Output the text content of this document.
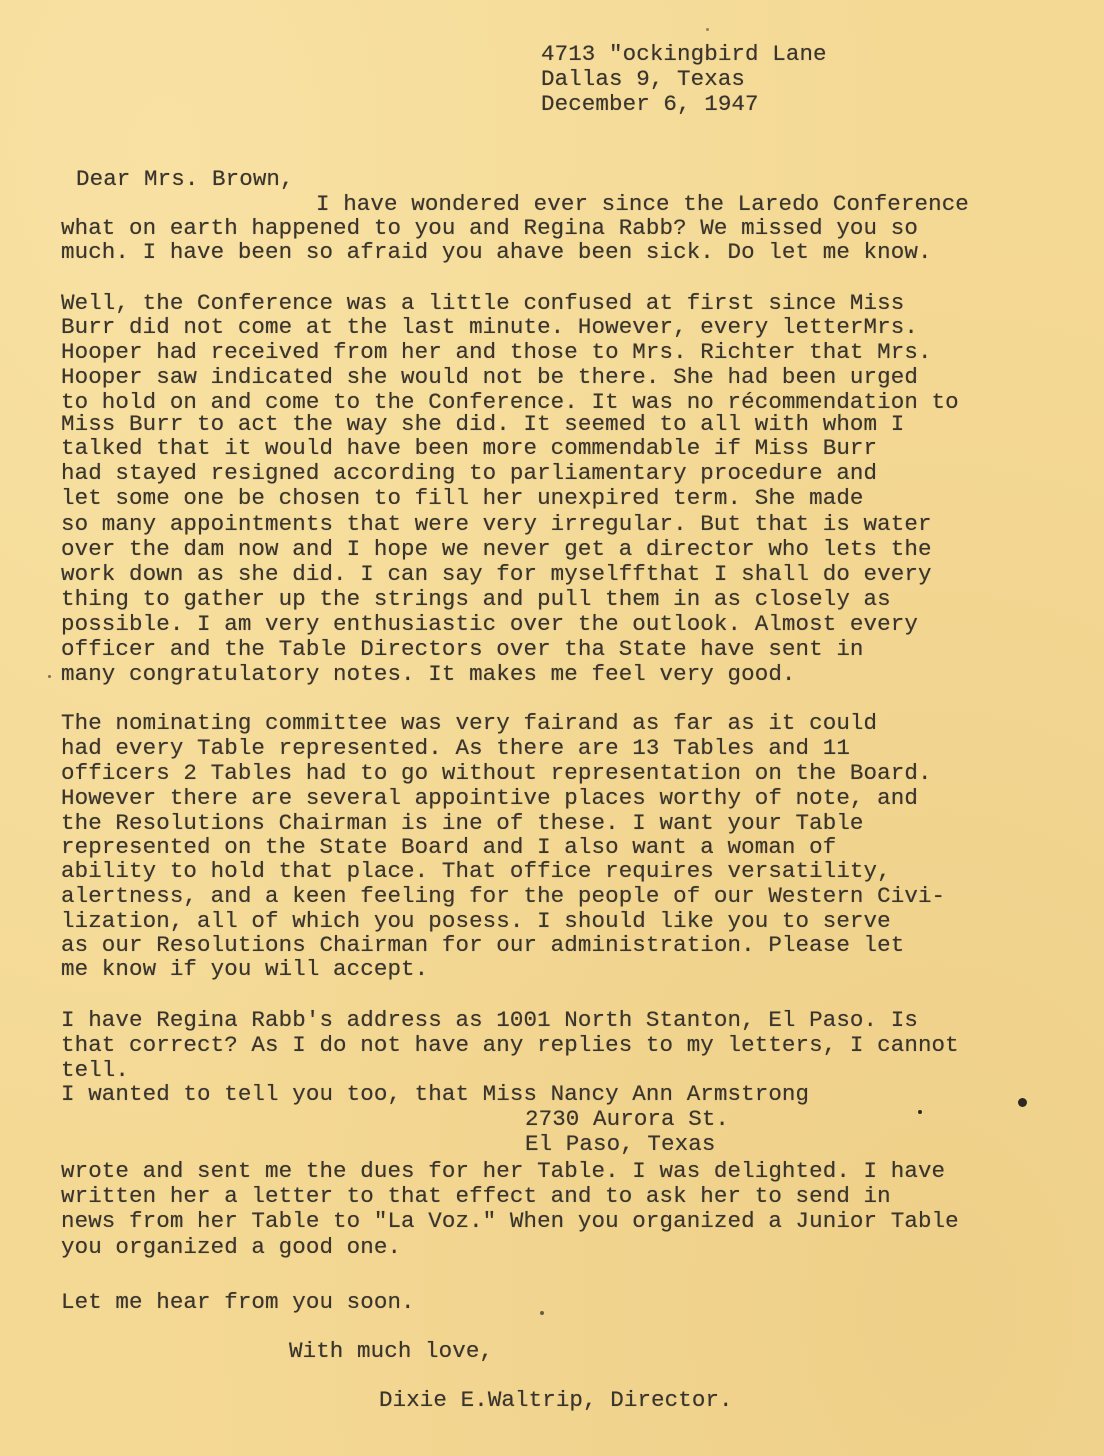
4713 "ockingbird Lane
Dallas 9, Texas
December 6, 1947
Dear Mrs. Brown,
I have wondered ever since the Laredo Conference
what on earth happened to you and Regina Rabb? We missed you so
much. I have been so afraid you ahave been sick. Do let me know.
Well, the Conference was a little confused at first since Miss
Burr did not come at the last minute. However, every letterMrs.
Hooper had received from her and those to Mrs. Richter that Mrs.
Hooper saw indicated she would not be there. She had been urged
to hold on and come to the Conference. It was no récommendation to
Miss Burr to act the way she did. It seemed to all with whom I
talked that it would have been more commendable if Miss Burr
had stayed resigned according to parliamentary procedure and
let some one be chosen to fill her unexpired term. She made
so many appointments that were very irregular. But that is water
over the dam now and I hope we never get a director who lets the
work down as she did. I can say for myselffthat I shall do every
thing to gather up the strings and pull them in as closely as
possible. I am very enthusiastic over the outlook. Almost every
officer and the Table Directors over tha State have sent in
many congratulatory notes. It makes me feel very good.
The nominating committee was very fairand as far as it could
had every Table represented. As there are 13 Tables and 11
officers 2 Tables had to go without representation on the Board.
However there are several appointive places worthy of note, and
the Resolutions Chairman is ine of these. I want your Table
represented on the State Board and I also want a woman of
ability to hold that place. That office requires versatility,
alertness, and a keen feeling for the people of our Western Civi-
lization, all of which you posess. I should like you to serve
as our Resolutions Chairman for our administration. Please let
me know if you will accept.
I have Regina Rabb's address as 1001 North Stanton, El Paso. Is
that correct? As I do not have any replies to my letters, I cannot
tell.
I wanted to tell you too, that Miss Nancy Ann Armstrong
2730 Aurora St.
El Paso, Texas
wrote and sent me the dues for her Table. I was delighted. I have
written her a letter to that effect and to ask her to send in
news from her Table to "La Voz." When you organized a Junior Table
you organized a good one.
Let me hear from you soon.
With much love,
Dixie E.Waltrip, Director.
